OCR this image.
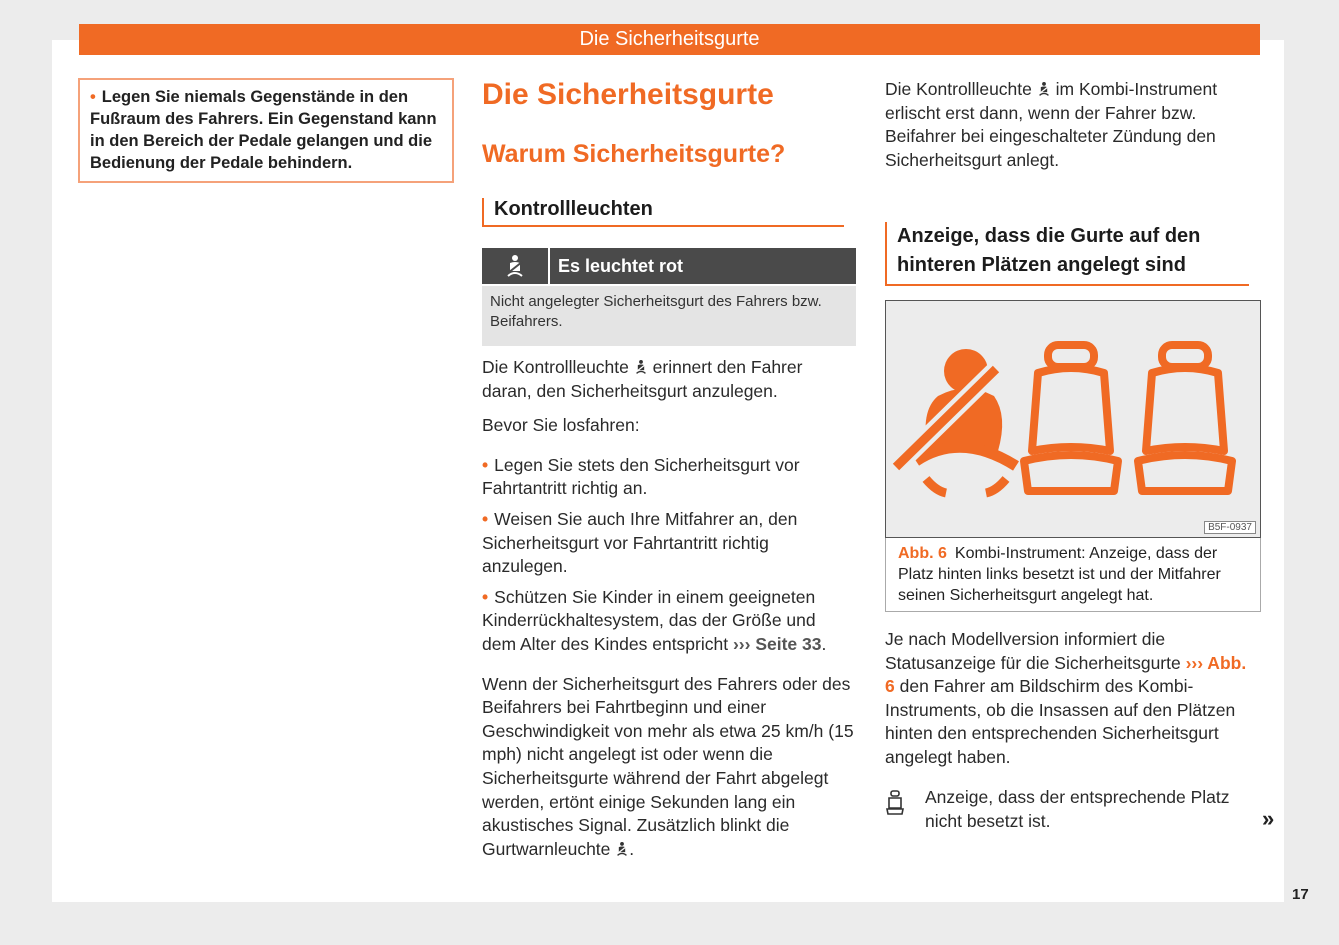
Die Sicherheitsgurte
• Legen Sie niemals Gegenstände in den Fußraum des Fahrers. Ein Gegenstand kann in den Bereich der Pedale gelangen und die Bedienung der Pedale behindern.
Die Sicherheitsgurte
Warum Sicherheitsgurte?
Kontrollleuchten
Es leuchtet rot
Nicht angelegter Sicherheitsgurt des Fahrers bzw. Beifahrers.

Die Kontrollleuchte erinnert den Fahrer daran, den Sicherheitsgurt anzulegen.

Bevor Sie losfahren:

• Legen Sie stets den Sicherheitsgurt vor Fahrtantritt richtig an.
• Weisen Sie auch Ihre Mitfahrer an, den Sicherheitsgurt vor Fahrtantritt richtig anzulegen.
• Schützen Sie Kinder in einem geeigneten Kinderrückhaltesystem, das der Größe und dem Alter des Kindes entspricht ››› Seite 33.

Wenn der Sicherheitsgurt des Fahrers oder des Beifahrers bei Fahrtbeginn und einer Geschwindigkeit von mehr als etwa 25 km/h (15 mph) nicht angelegt ist oder wenn die Sicherheitsgurte während der Fahrt abgelegt werden, ertönt einige Sekunden lang ein akustisches Signal. Zusätzlich blinkt die Gurtwarnleuchte .

Die Kontrollleuchte im Kombi-Instrument erlischt erst dann, wenn der Fahrer bzw. Beifahrer bei eingeschalteter Zündung den Sicherheitsgurt anlegt.

Anzeige, dass die Gurte auf den hinteren Plätzen angelegt sind
B5F-0937
Abb. 6 Kombi-Instrument: Anzeige, dass der Platz hinten links besetzt ist und der Mitfahrer seinen Sicherheitsgurt angelegt hat.

Je nach Modellversion informiert die Statusanzeige für die Sicherheitsgurte ››› Abb. 6 den Fahrer am Bildschirm des Kombi-Instruments, ob die Insassen auf den Plätzen hinten den entsprechenden Sicherheitsgurt angelegt haben.

Anzeige, dass der entsprechende Platz nicht besetzt ist.	»
17
